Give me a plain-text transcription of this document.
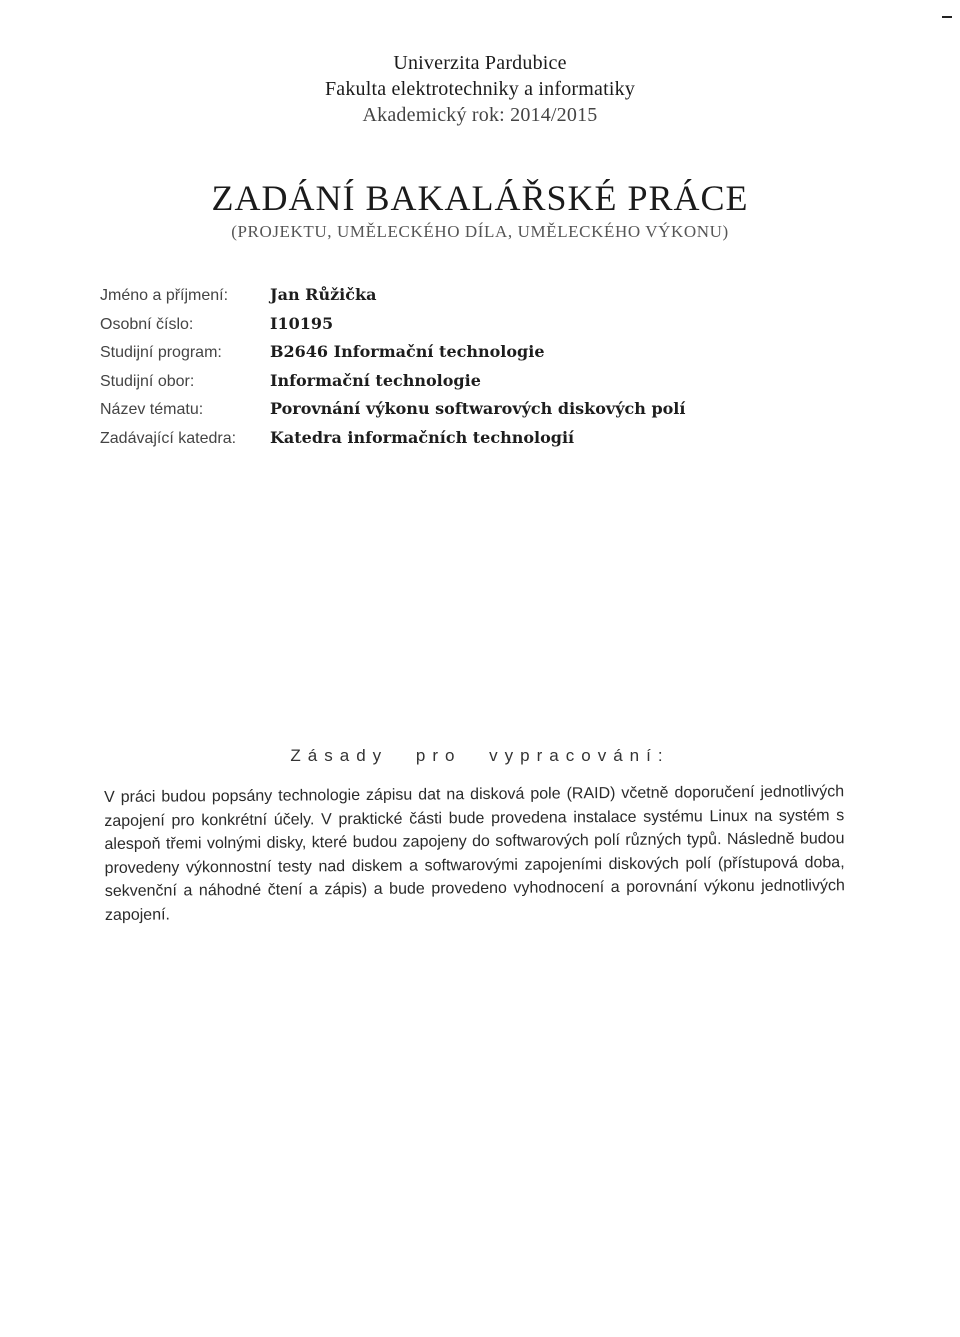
Univerzita Pardubice
Fakulta elektrotechniky a informatiky
Akademický rok: 2014/2015
ZADÁNÍ BAKALÁŘSKÉ PRÁCE
(PROJEKTU, UMĚLECKÉHO DÍLA, UMĚLECKÉHO VÝKONU)
Jméno a příjmení:	Jan Růžička
Osobní číslo:	I10195
Studijní program:	B2646 Informační technologie
Studijní obor:	Informační technologie
Název tématu:	Porovnání výkonu softwarových diskových polí
Zadávající katedra:	Katedra informačních technologií
Zásady pro vypracování:
V práci budou popsány technologie zápisu dat na disková pole (RAID) včetně doporučení jednotlivých zapojení pro konkrétní účely. V praktické části bude provedena instalace systému Linux na systém s alespoň třemi volnými disky, které budou zapojeny do softwarových polí různých typů. Následně budou provedeny výkonnostní testy nad diskem a softwarovými zapojeními diskových polí (přístupová doba, sekvenční a náhodné čtení a zápis) a bude provedeno vyhodnocení a porovnání výkonu jednotlivých zapojení.
